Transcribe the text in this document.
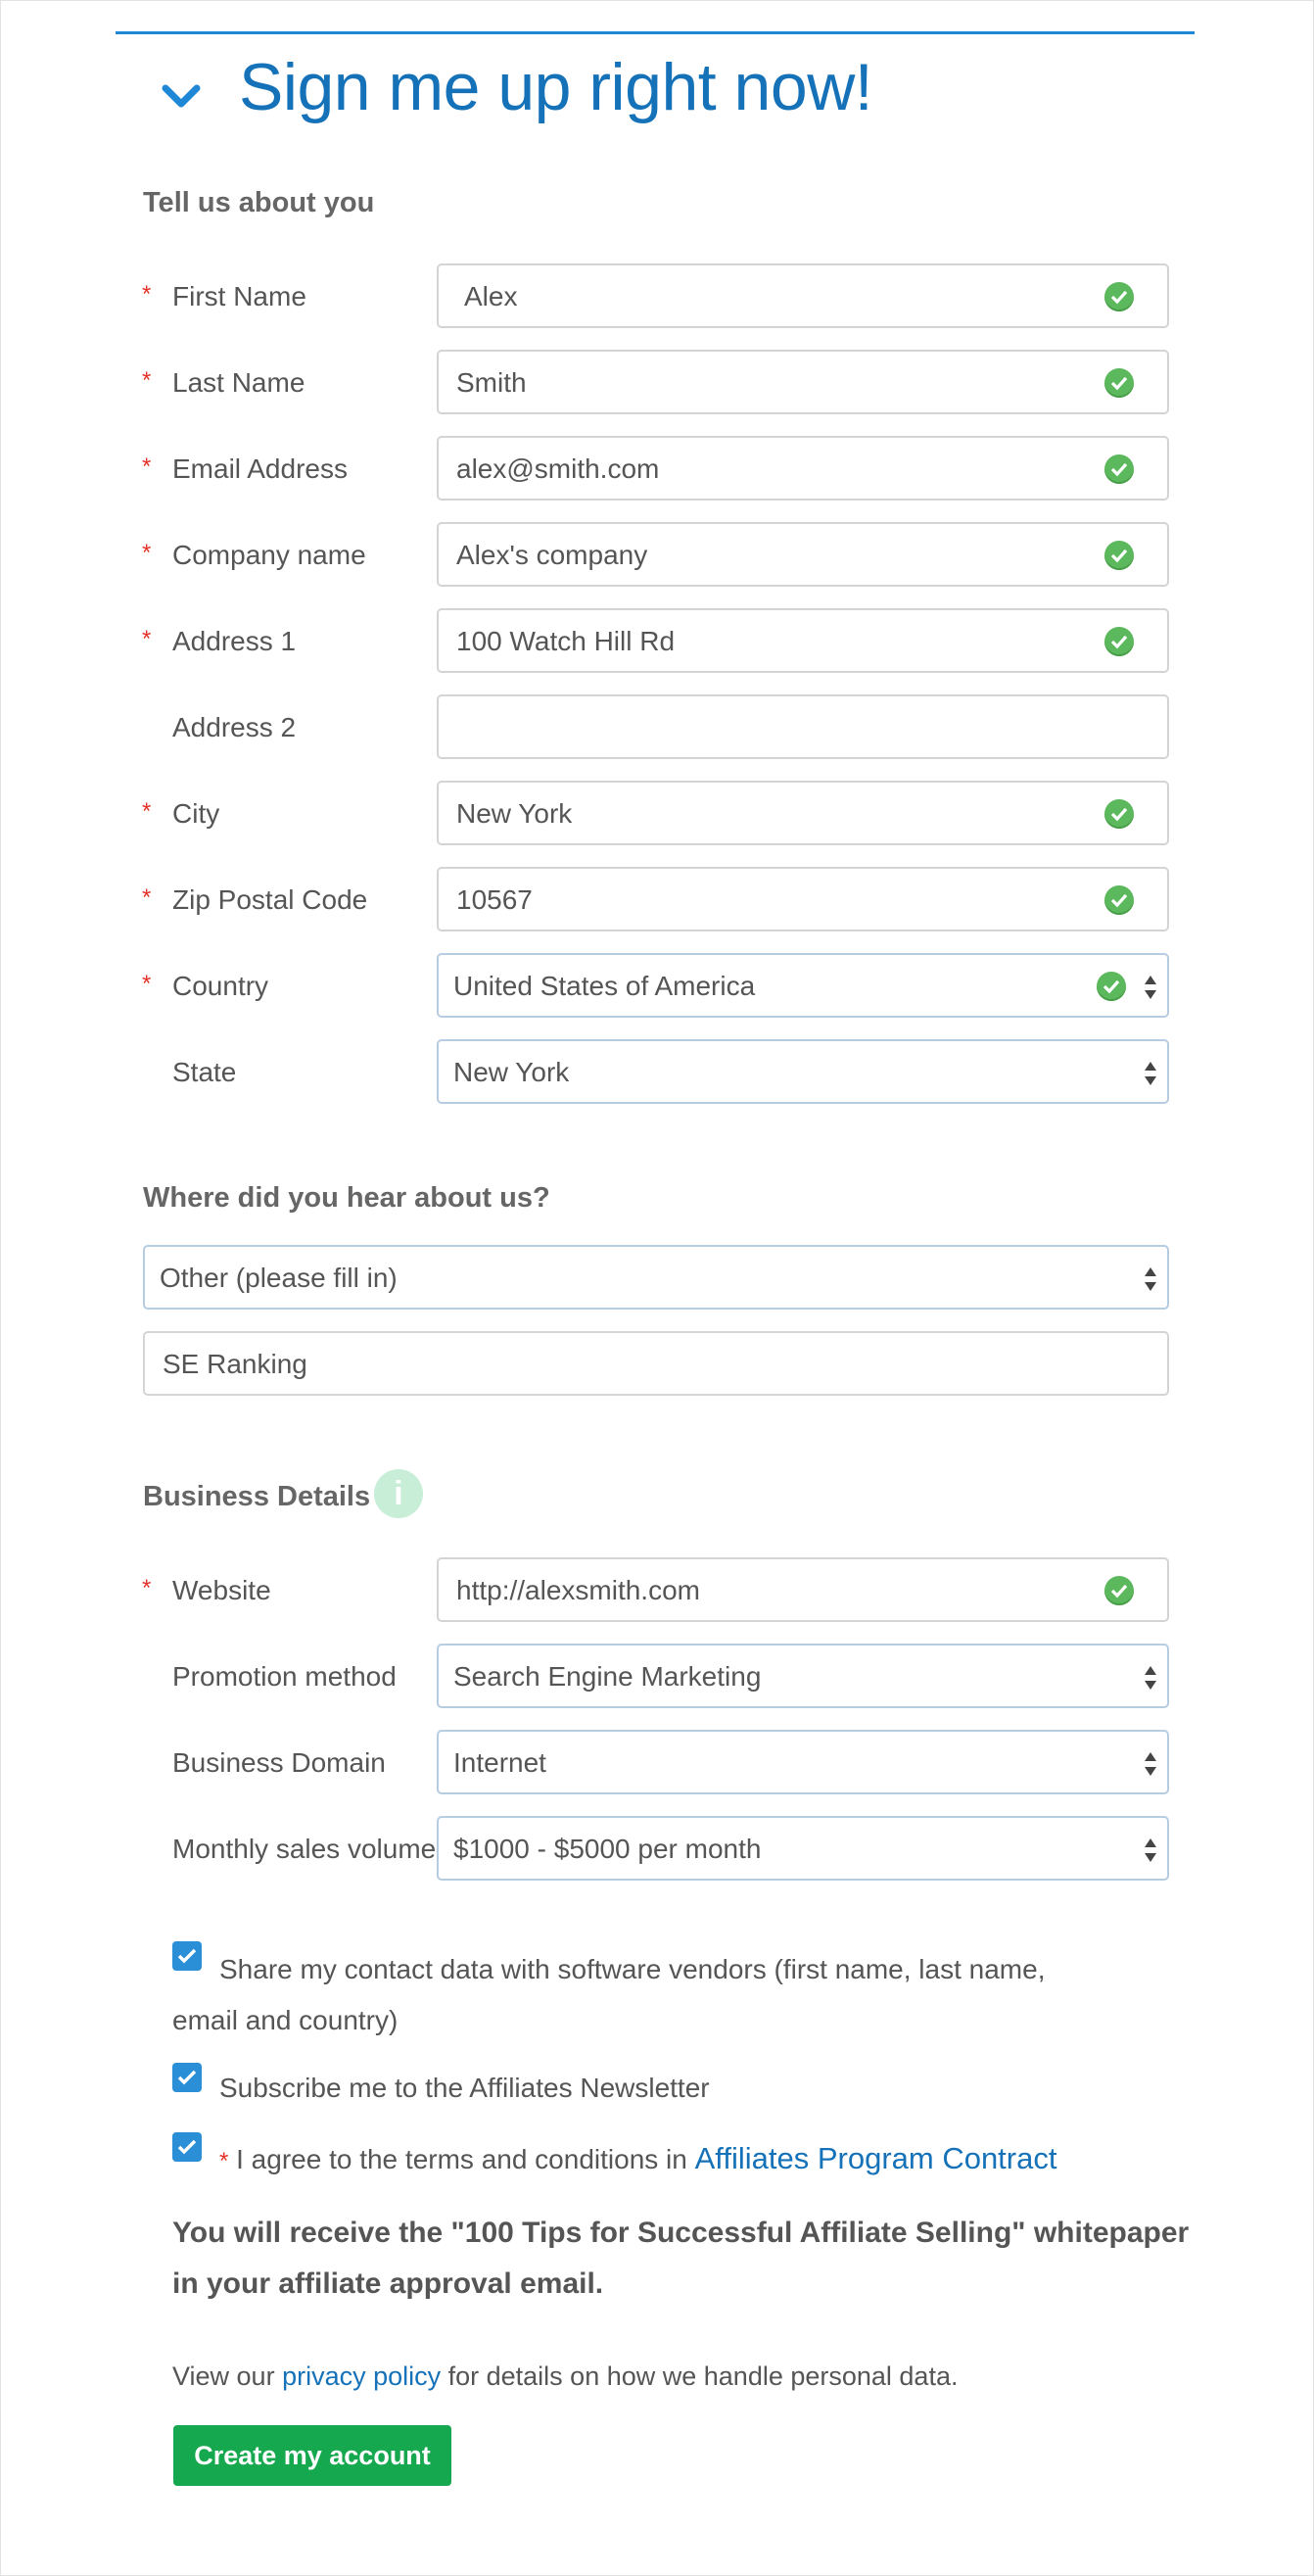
Sign me up right now!
Tell us about you
* First Name	Alex
* Last Name	Smith
* Email Address	alex@smith.com
* Company name	Alex's company
* Address 1	100 Watch Hill Rd
Address 2
* City	New York
* Zip Postal Code	10567
* Country	United States of America
State	New York
Where did you hear about us?
Other (please fill in)
SE Ranking
Business Details i
* Website	http://alexsmith.com
Promotion method	Search Engine Marketing
Business Domain	Internet
Monthly sales volume $1000 - $5000 per month
Share my contact data with software vendors (first name, last name, email and country)
Subscribe me to the Affiliates Newsletter
* I agree to the terms and conditions in Affiliates Program Contract
You will receive the "100 Tips for Successful Affiliate Selling" whitepaper in your affiliate approval email.
View our privacy policy for details on how we handle personal data.
Create my account
